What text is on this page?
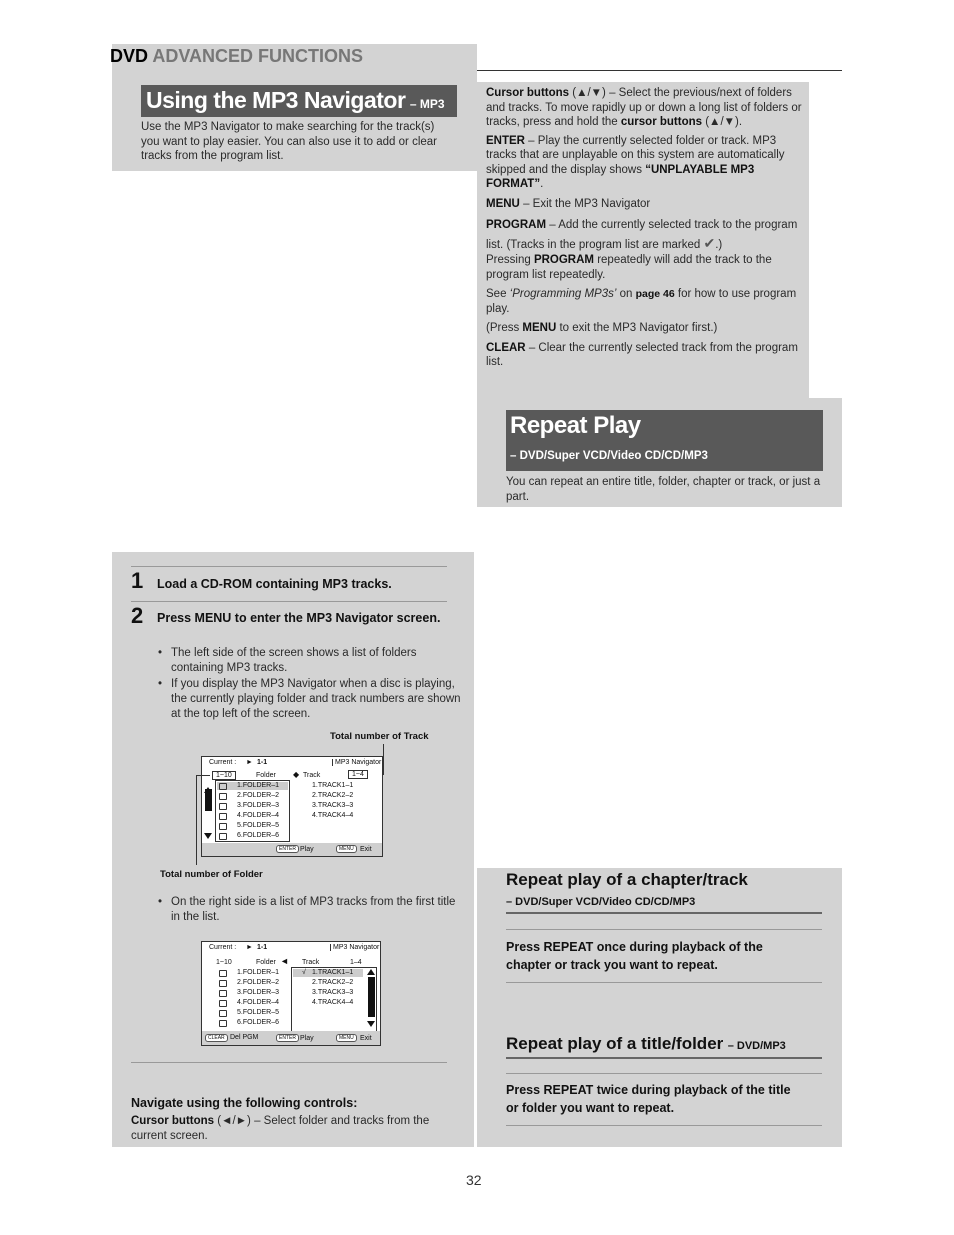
DVD ADVANCED FUNCTIONS
Using the MP3 Navigator – MP3

Use the MP3 Navigator to make searching for the track(s) you want to play easier. You can also use it to add or clear tracks from the program list.

Cursor buttons (▲/▼) – Select the previous/next of folders and tracks. To move rapidly up or down a long list of folders or tracks, press and hold the cursor buttons (▲/▼).

ENTER – Play the currently selected folder or track. MP3 tracks that are unplayable on this system are automatically skipped and the display shows “UNPLAYABLE MP3 FORMAT”.

MENU – Exit the MP3 Navigator

PROGRAM – Add the currently selected track to the program list. (Tracks in the program list are marked ✔.)

Pressing PROGRAM repeatedly will add the track to the program list repeatedly.

See ‘Programming MP3s’ on page 46 for how to use program play.

(Press MENU to exit the MP3 Navigator first.)

CLEAR – Clear the currently selected track from the program list.

Repeat Play
– DVD/Super VCD/Video CD/CD/MP3

You can repeat an entire title, folder, chapter or track, or just a part.

1 Load a CD-ROM containing MP3 tracks.
2 Press MENU to enter the MP3 Navigator screen.
• The left side of the screen shows a list of folders containing MP3 tracks.
• If you display the MP3 Navigator when a disc is playing, the currently playing folder and track numbers are shown at the top left of the screen.
Total number of Track
Current : ► 1-1	MP3 Navigator
1~10	Folder ◆ Track	1~4
ENTER Play	MENU Exit
1.FOLDER–1
2.FOLDER–2
3.FOLDER–3
4.FOLDER–4
5.FOLDER–5
6.FOLDER–6
1.TRACK1–1
2.TRACK2–2
3.TRACK3–3
4.TRACK4–4
Total number of Folder
• On the right side is a list of MP3 tracks from the first title in the list.
Current : ► 1-1	MP3 Navigator
1~10	Folder ◄ Track	1–4
CLEAR Del PGM	ENTER Play	MENU Exit
1.FOLDER–1
2.FOLDER–2
3.FOLDER–3
4.FOLDER–4
5.FOLDER–5
6.FOLDER–6
1.TRACK1–1
2.TRACK2–2
3.TRACK3–3
4.TRACK4–4
√
Navigate using the following controls:

Cursor buttons (◄/►) – Select folder and tracks from the current screen.

Repeat play of a chapter/track
– DVD/Super VCD/Video CD/CD/MP3
Press REPEAT once during playback of the chapter or track you want to repeat.
Repeat play of a title/folder – DVD/MP3
Press REPEAT twice during playback of the title or folder you want to repeat.
32
